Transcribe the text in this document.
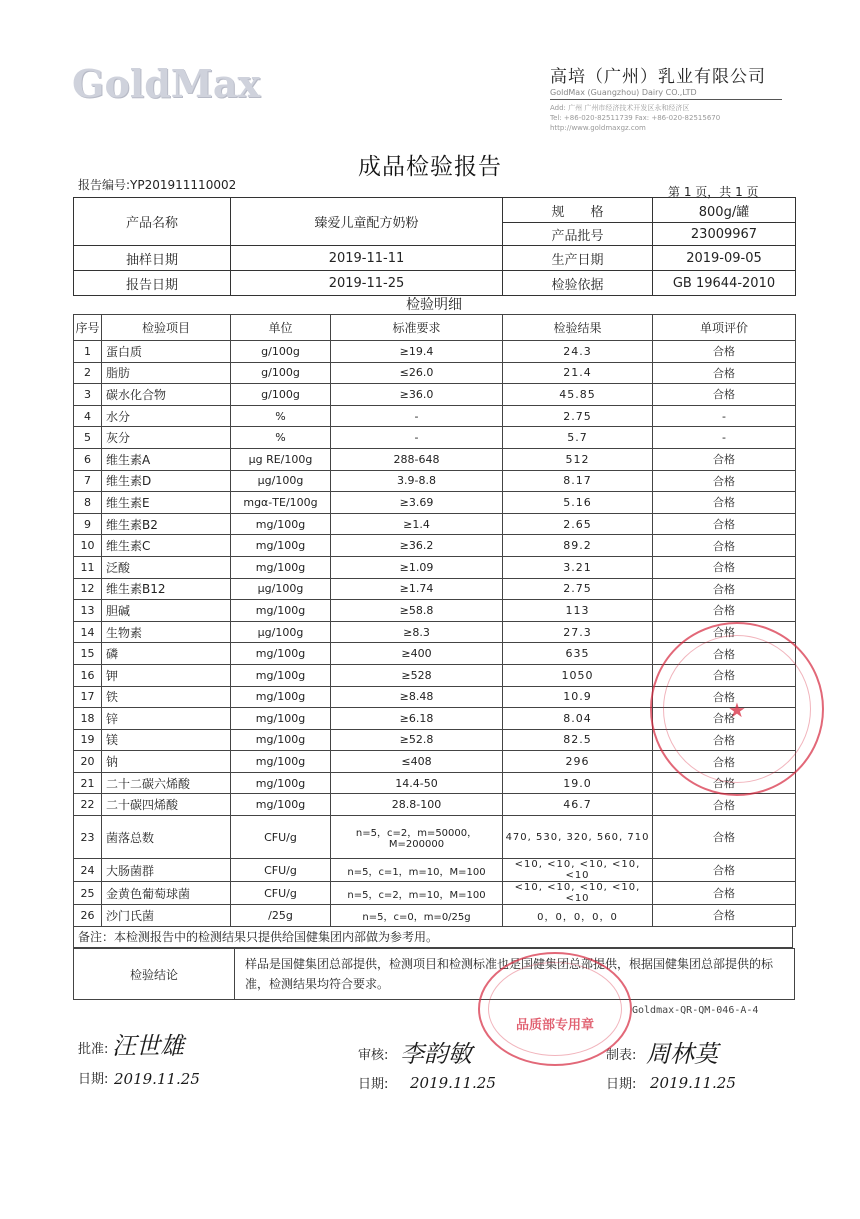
GoldMax	高培（广州）乳业有限公司
GoldMax (Guangzhou) Dairy CO.,LTD
Add: 广州 广州市经济技术开发区永和经济区
Tel: +86-020-82511739 Fax: +86-020-82515670
http://www.goldmaxgz.com
成品检验报告
报告编号:YP201911110002	第 1 页，共 1 页
产品名称	臻爱儿童配方奶粉	规　　格	800g/罐
		产品批号	23009967
抽样日期	2019-11-11	生产日期	2019-09-05
报告日期	2019-11-25	检验依据	GB 19644-2010
检验明细
序号	检验项目	单位	标准要求	检验结果	单项评价
1	蛋白质	g/100g	≥19.4	24.3	合格
2	脂肪	g/100g	≤26.0	21.4	合格
3	碳水化合物	g/100g	≥36.0	45.85	合格
4	水分	%	-	2.75	-
5	灰分	%	-	5.7	-
6	维生素A	μg RE/100g	288-648	512	合格
7	维生素D	μg/100g	3.9-8.8	8.17	合格
8	维生素E	mgα-TE/100g	≥3.69	5.16	合格
9	维生素B2	mg/100g	≥1.4	2.65	合格
10	维生素C	mg/100g	≥36.2	89.2	合格
11	泛酸	mg/100g	≥1.09	3.21	合格
12	维生素B12	μg/100g	≥1.74	2.75	合格
13	胆碱	mg/100g	≥58.8	113	合格
14	生物素	μg/100g	≥8.3	27.3	合格
15	磷	mg/100g	≥400	635	合格
16	钾	mg/100g	≥528	1050	合格
17	铁	mg/100g	≥8.48	10.9	合格
18	锌	mg/100g	≥6.18	8.04	合格
19	镁	mg/100g	≥52.8	82.5	合格
20	钠	mg/100g	≤408	296	合格
21	二十二碳六烯酸	mg/100g	14.4-50	19.0	合格
22	二十碳四烯酸	mg/100g	28.8-100	46.7	合格
23	菌落总数	CFU/g	n=5，c=2，m=50000，M=200000	470, 530, 320, 560, 710	合格
24	大肠菌群	CFU/g	n=5，c=1，m=10，M=100	<10, <10, <10, <10, <10	合格
25	金黄色葡萄球菌	CFU/g	n=5，c=2，m=10，M=100	<10, <10, <10, <10, <10	合格
26	沙门氏菌	/25g	n=5，c=0，m=0/25g	0，0，0，0，0	合格
备注：本检测报告中的检测结果只提供给国健集团内部做为参考用。
检验结论	样品是国健集团总部提供，检测项目和检测标准也是国健集团总部提供，根据国健集团总部提供的标准，检测结果均符合要求。
Goldmax-QR-QM-046-A-4
批准: 汪世雄
日期: 2019.11.25
审核: 李韵敏
日期: 2019.11.25
制表: 周林莫
日期: 2019.11.25
★
品质部专用章
